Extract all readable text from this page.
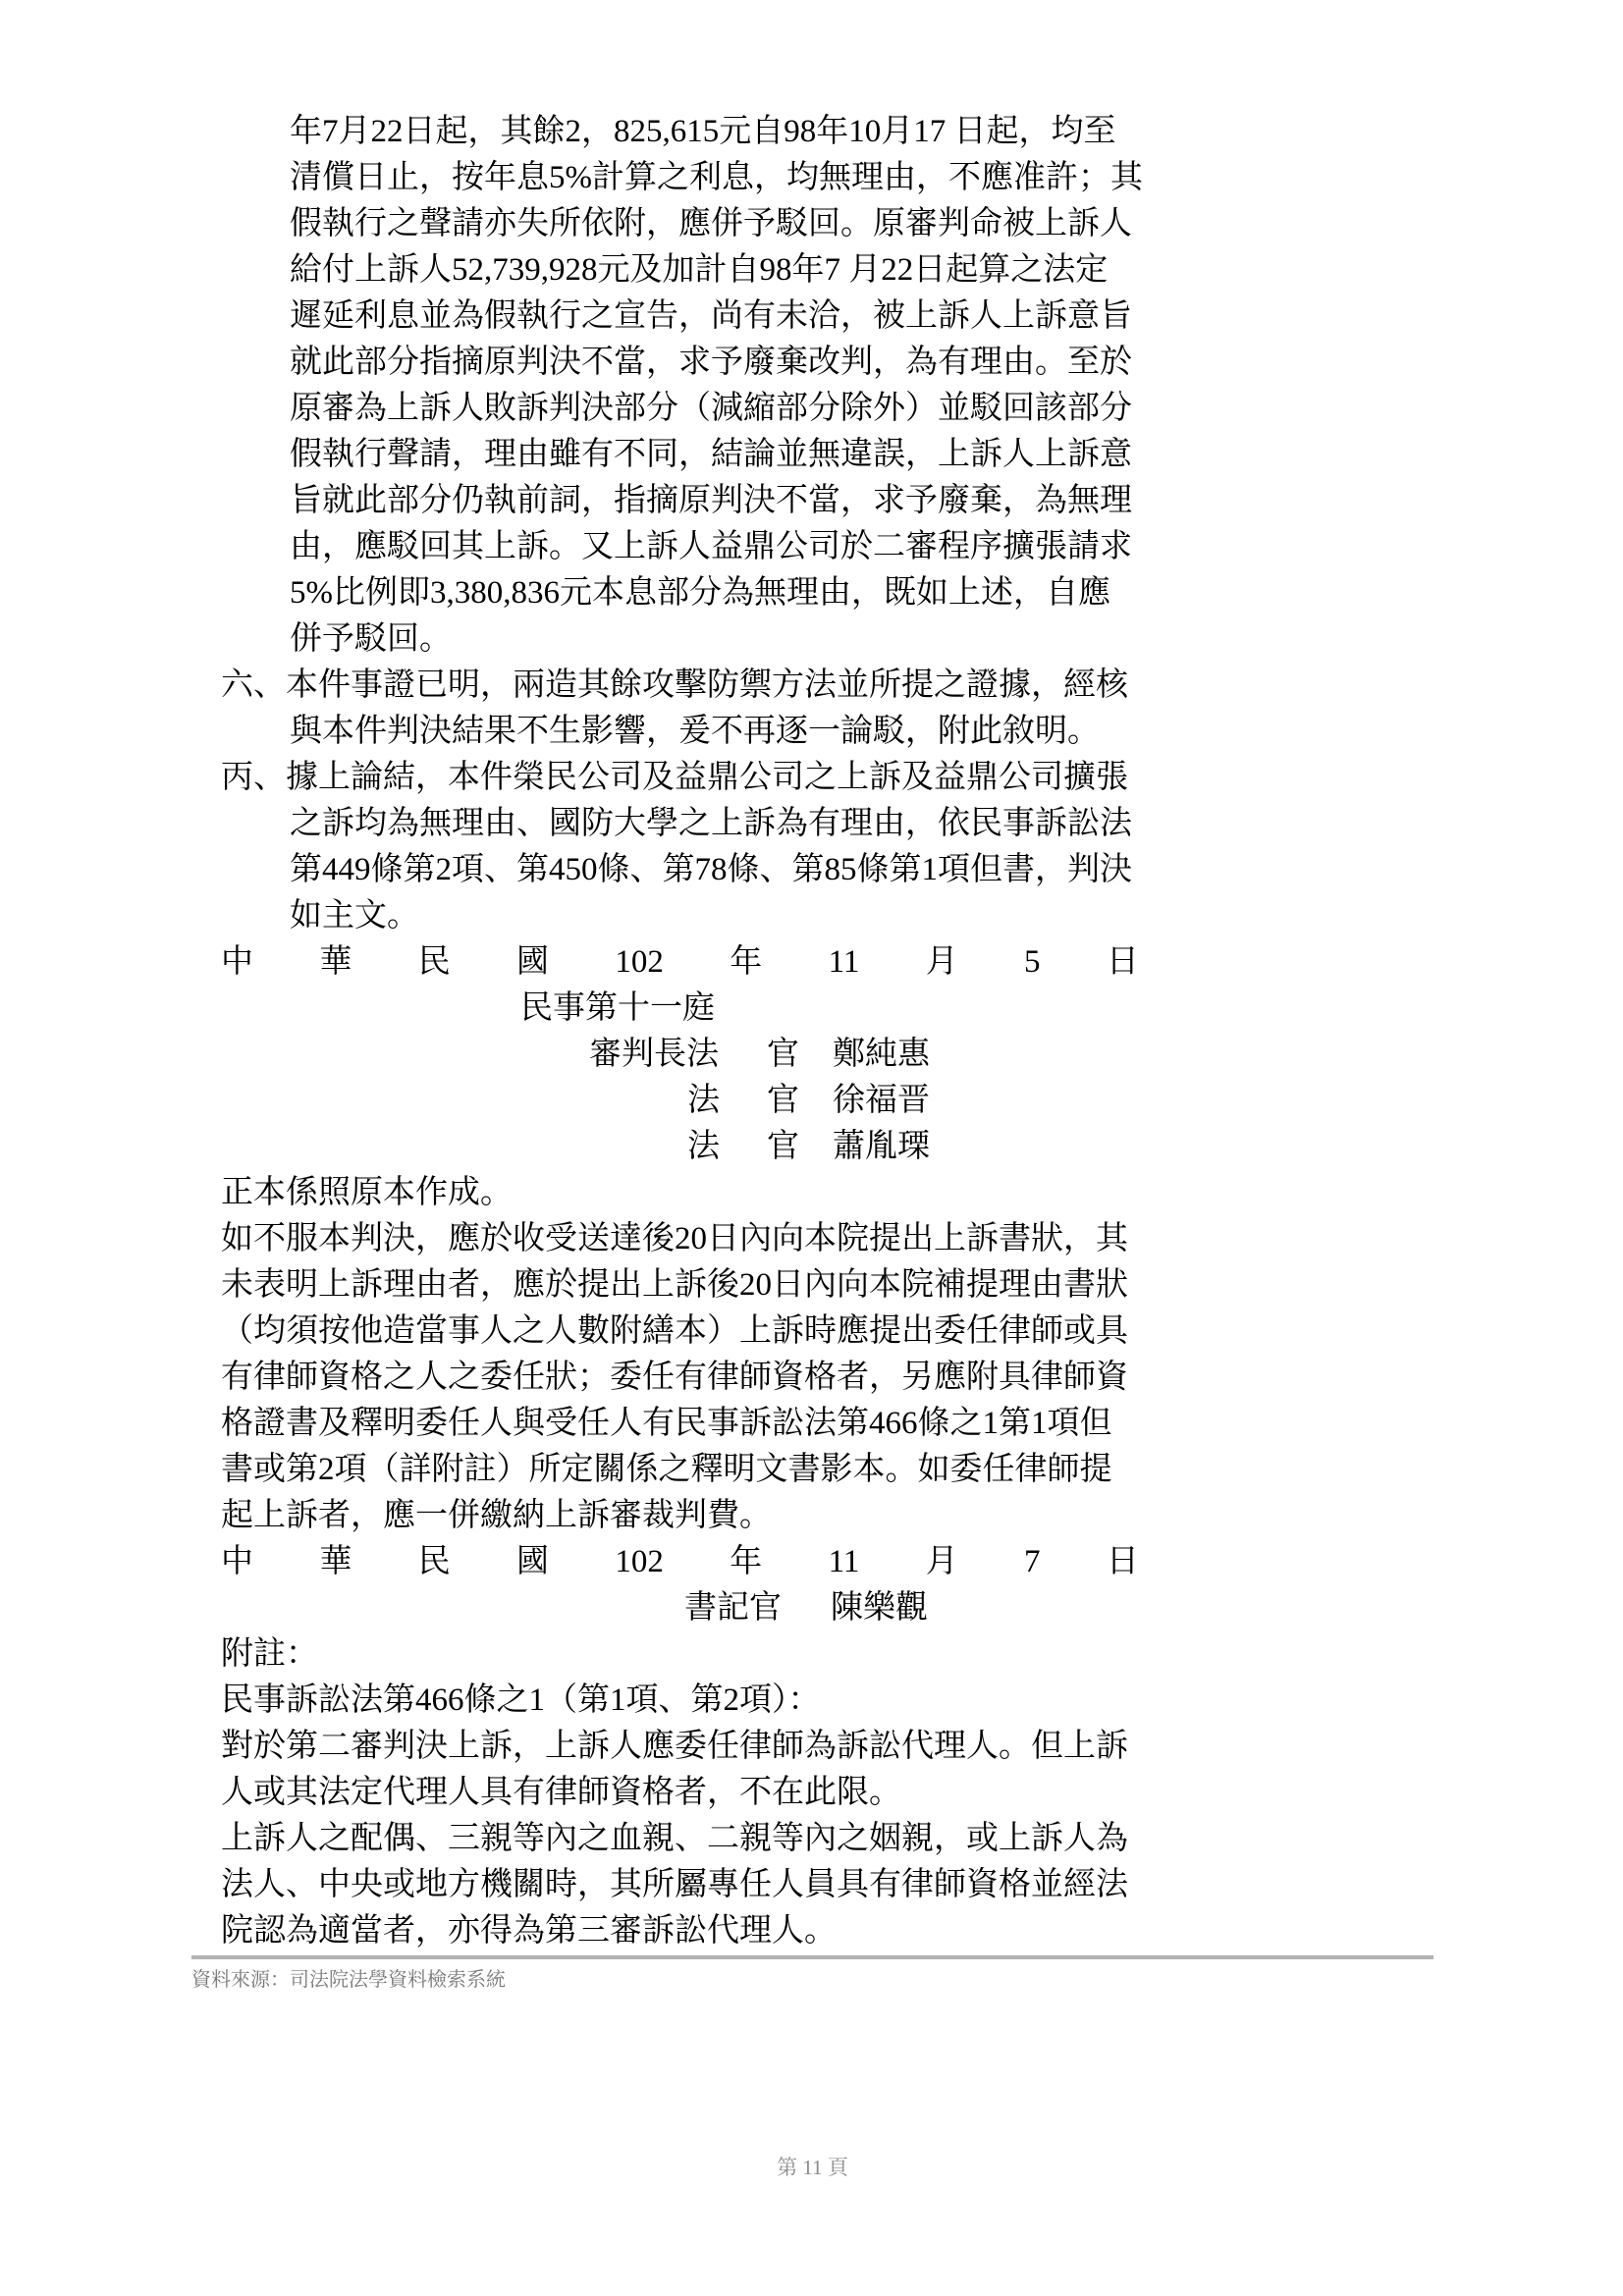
年7月22日起，其餘2，825,615元自98年10月17 日起，均至
清償日止，按年息5%計算之利息，均無理由，不應准許；其
假執行之聲請亦失所依附，應併予駁回。原審判命被上訴人
給付上訴人52,739,928元及加計自98年7 月22日起算之法定
遲延利息並為假執行之宣告，尚有未洽，被上訴人上訴意旨
就此部分指摘原判決不當，求予廢棄改判，為有理由。至於
原審為上訴人敗訴判決部分（減縮部分除外）並駁回該部分
假執行聲請，理由雖有不同，結論並無違誤，上訴人上訴意
旨就此部分仍執前詞，指摘原判決不當，求予廢棄，為無理
由，應駁回其上訴。又上訴人益鼎公司於二審程序擴張請求
5%比例即3,380,836元本息部分為無理由，既如上述，自應
併予駁回。
六、本件事證已明，兩造其餘攻擊防禦方法並所提之證據，經核
與本件判決結果不生影響，爰不再逐一論駁，附此敘明。
丙、據上論結，本件榮民公司及益鼎公司之上訴及益鼎公司擴張
之訴均為無理由、國防大學之上訴為有理由，依民事訴訟法
第449條第2項、第450條、第78條、第85條第1項但書，判決
如主文。
中 華 民 國 102 年 11 月 5 日
民事第十一庭
審判長法 官 鄭純惠
法 官 徐福晋
法 官 蕭胤瑮
正本係照原本作成。
如不服本判決，應於收受送達後20日內向本院提出上訴書狀，其
未表明上訴理由者，應於提出上訴後20日內向本院補提理由書狀
（均須按他造當事人之人數附繕本）上訴時應提出委任律師或具
有律師資格之人之委任狀；委任有律師資格者，另應附具律師資
格證書及釋明委任人與受任人有民事訴訟法第466條之1第1項但
書或第2項（詳附註）所定關係之釋明文書影本。如委任律師提
起上訴者，應一併繳納上訴審裁判費。
中 華 民 國 102 年 11 月 7 日
書記官 陳樂觀
附註：
民事訴訟法第466條之1（第1項、第2項）：
對於第二審判決上訴，上訴人應委任律師為訴訟代理人。但上訴
人或其法定代理人具有律師資格者，不在此限。
上訴人之配偶、三親等內之血親、二親等內之姻親，或上訴人為
法人、中央或地方機關時，其所屬專任人員具有律師資格並經法
院認為適當者，亦得為第三審訴訟代理人。
資料來源：司法院法學資料檢索系統
第 11 頁
